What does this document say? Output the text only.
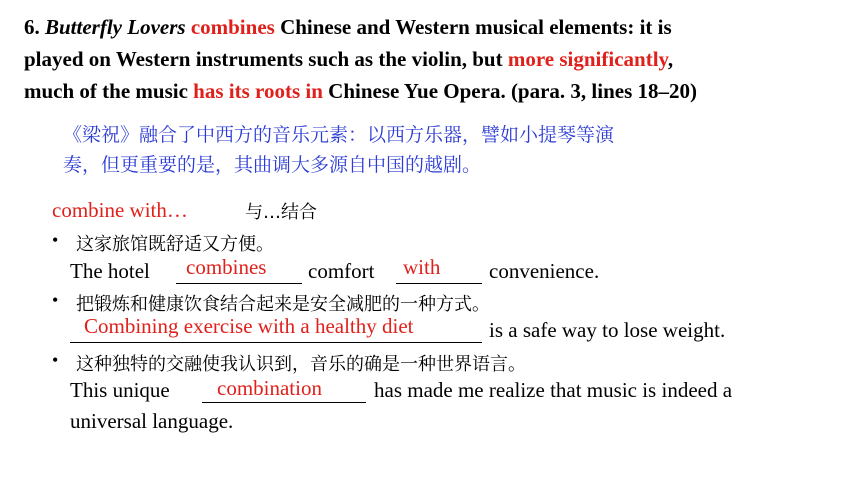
6. Butterfly Lovers combines Chinese and Western musical elements: it is
played on Western instruments such as the violin, but more significantly,
much of the music has its roots in Chinese Yue Opera. (para. 3, lines 18–20)
《梁祝》融合了中西方的音乐元素：以西方乐器，譬如小提琴等演
奏，但更重要的是，其曲调大多源自中国的越剧。
combine with…	与…结合
• 这家旅馆既舒适又方便。
The hotel combines comfort with convenience.
• 把锻炼和健康饮食结合起来是安全减肥的一种方式。
Combining exercise with a healthy diet	is a safe way to lose weight.
• 这种独特的交融使我认识到，音乐的确是一种世界语言。
This unique combination has made me realize that music is indeed a
universal language.
